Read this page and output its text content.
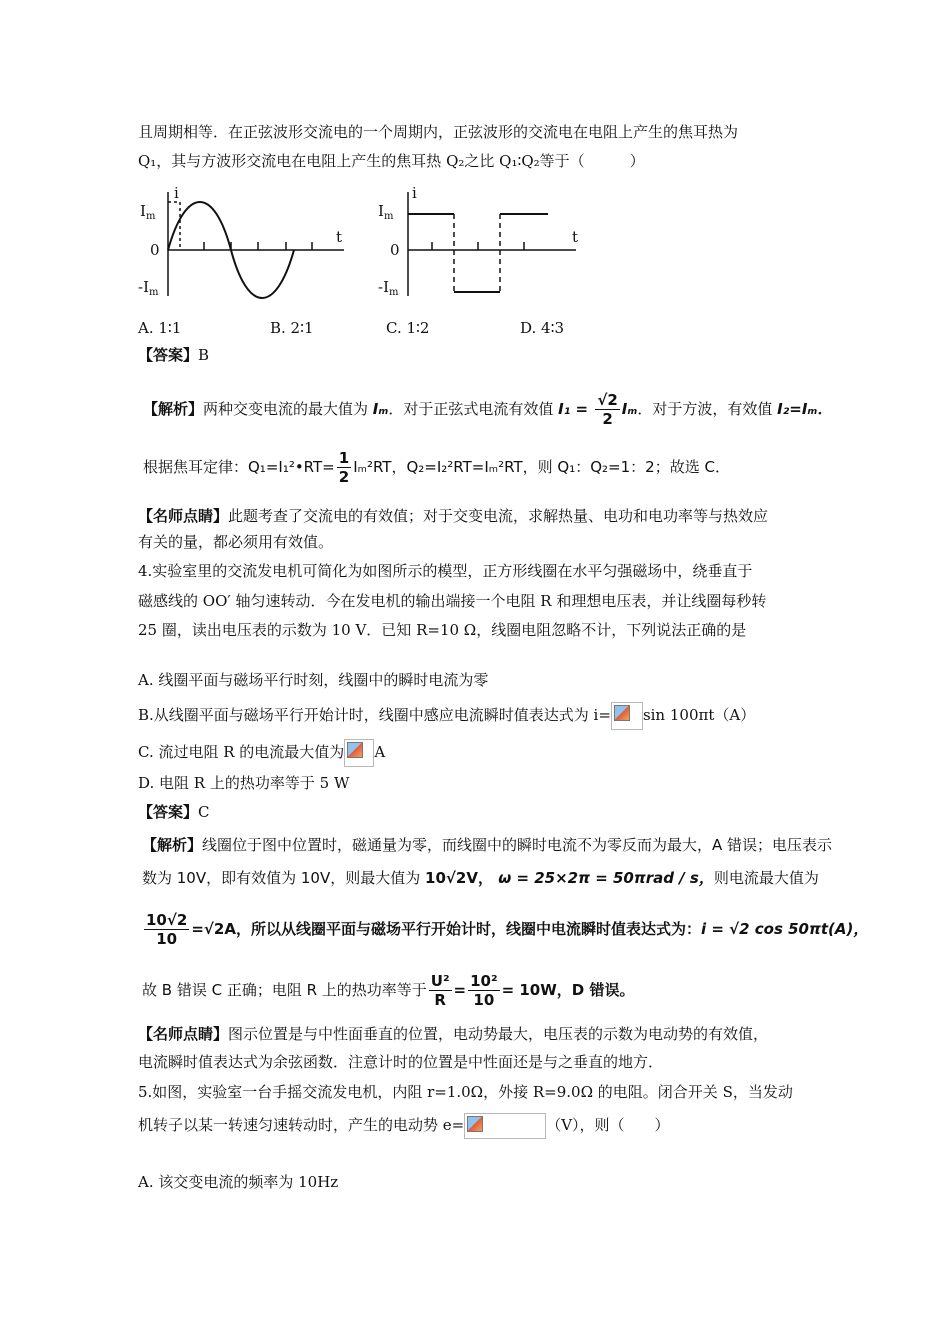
且周期相等．在正弦波形交流电的一个周期内，正弦波形的交流电在电阻上产生的焦耳热为
Q₁，其与方波形交流电在电阻上产生的焦耳热 Q₂之比 Q₁∶Q₂等于（　　　）
i
$I_m$
0
$-I_m$
t
i
$I_m$
0
$-I_m$
t
A. 1∶1	B. 2∶1	C. 1∶2	D. 4∶3
【答案】B
【解析】两种交变电流的最大值为 Iₘ．对于正弦式电流有效值 $I_1 = \frac{√2}{2}$ Iₘ．对于方波，有效值 I₂=Iₘ．
根据焦耳定律：Q₁=I₁²•RT= $\frac{1}{2} I_m^2RT$，Q₂=I₂²RT=Iₘ²RT，则 Q₁：Q₂=1：2；故选 C．
【名师点睛】此题考查了交流电的有效值；对于交变电流，求解热量、电功和电功率等与热效应
有关的量，都必须用有效值。
4.实验室里的交流发电机可简化为如图所示的模型，正方形线圈在水平匀强磁场中，绕垂直于
磁感线的 OO′ 轴匀速转动．今在发电机的输出端接一个电阻 R 和理想电压表，并让线圈每秒转
25 圈，读出电压表的示数为 10 V．已知 R=10 Ω，线圈电阻忽略不计，下列说法正确的是
A. 线圈平面与磁场平行时刻，线圈中的瞬时电流为零
B.从线圈平面与磁场平行开始计时，线圈中感应电流瞬时值表达式为 i= sin 100πt（A）
C. 流过电阻 R 的电流最大值为 A
D. 电阻 R 上的热功率等于 5 W
【答案】C
【解析】线圈位于图中位置时，磁通量为零，而线圈中的瞬时电流不为零反而为最大，A 错误；电压表示
数为 10V，即有效值为 10V，则最大值为 10√2V， ω = 25×2π = 50πrad / s，则电流最大值为
$\frac{10√2}{10} =√2A$，所以从线圈平面与磁场平行开始计时，线圈中电流瞬时值表达式为：i = √2 cos 50πt(A)，
故 B 错误 C 正确；电阻 R 上的热功率等于 $\frac{\text{U²}}{R} = \frac{\text{10²}}{10} = 10W$，D 错误。
【名师点睛】图示位置是与中性面垂直的位置，电动势最大，电压表的示数为电动势的有效值，
电流瞬时值表达式为余弦函数．注意计时的位置是中性面还是与之垂直的地方．
5.如图，实验室一台手摇交流发电机，内阻 r=1.0Ω，外接 R=9.0Ω 的电阻。闭合开关 S，当发动
机转子以某一转速匀速转动时，产生的电动势 e=	（V），则（　　）
A. 该交变电流的频率为 10Hz
